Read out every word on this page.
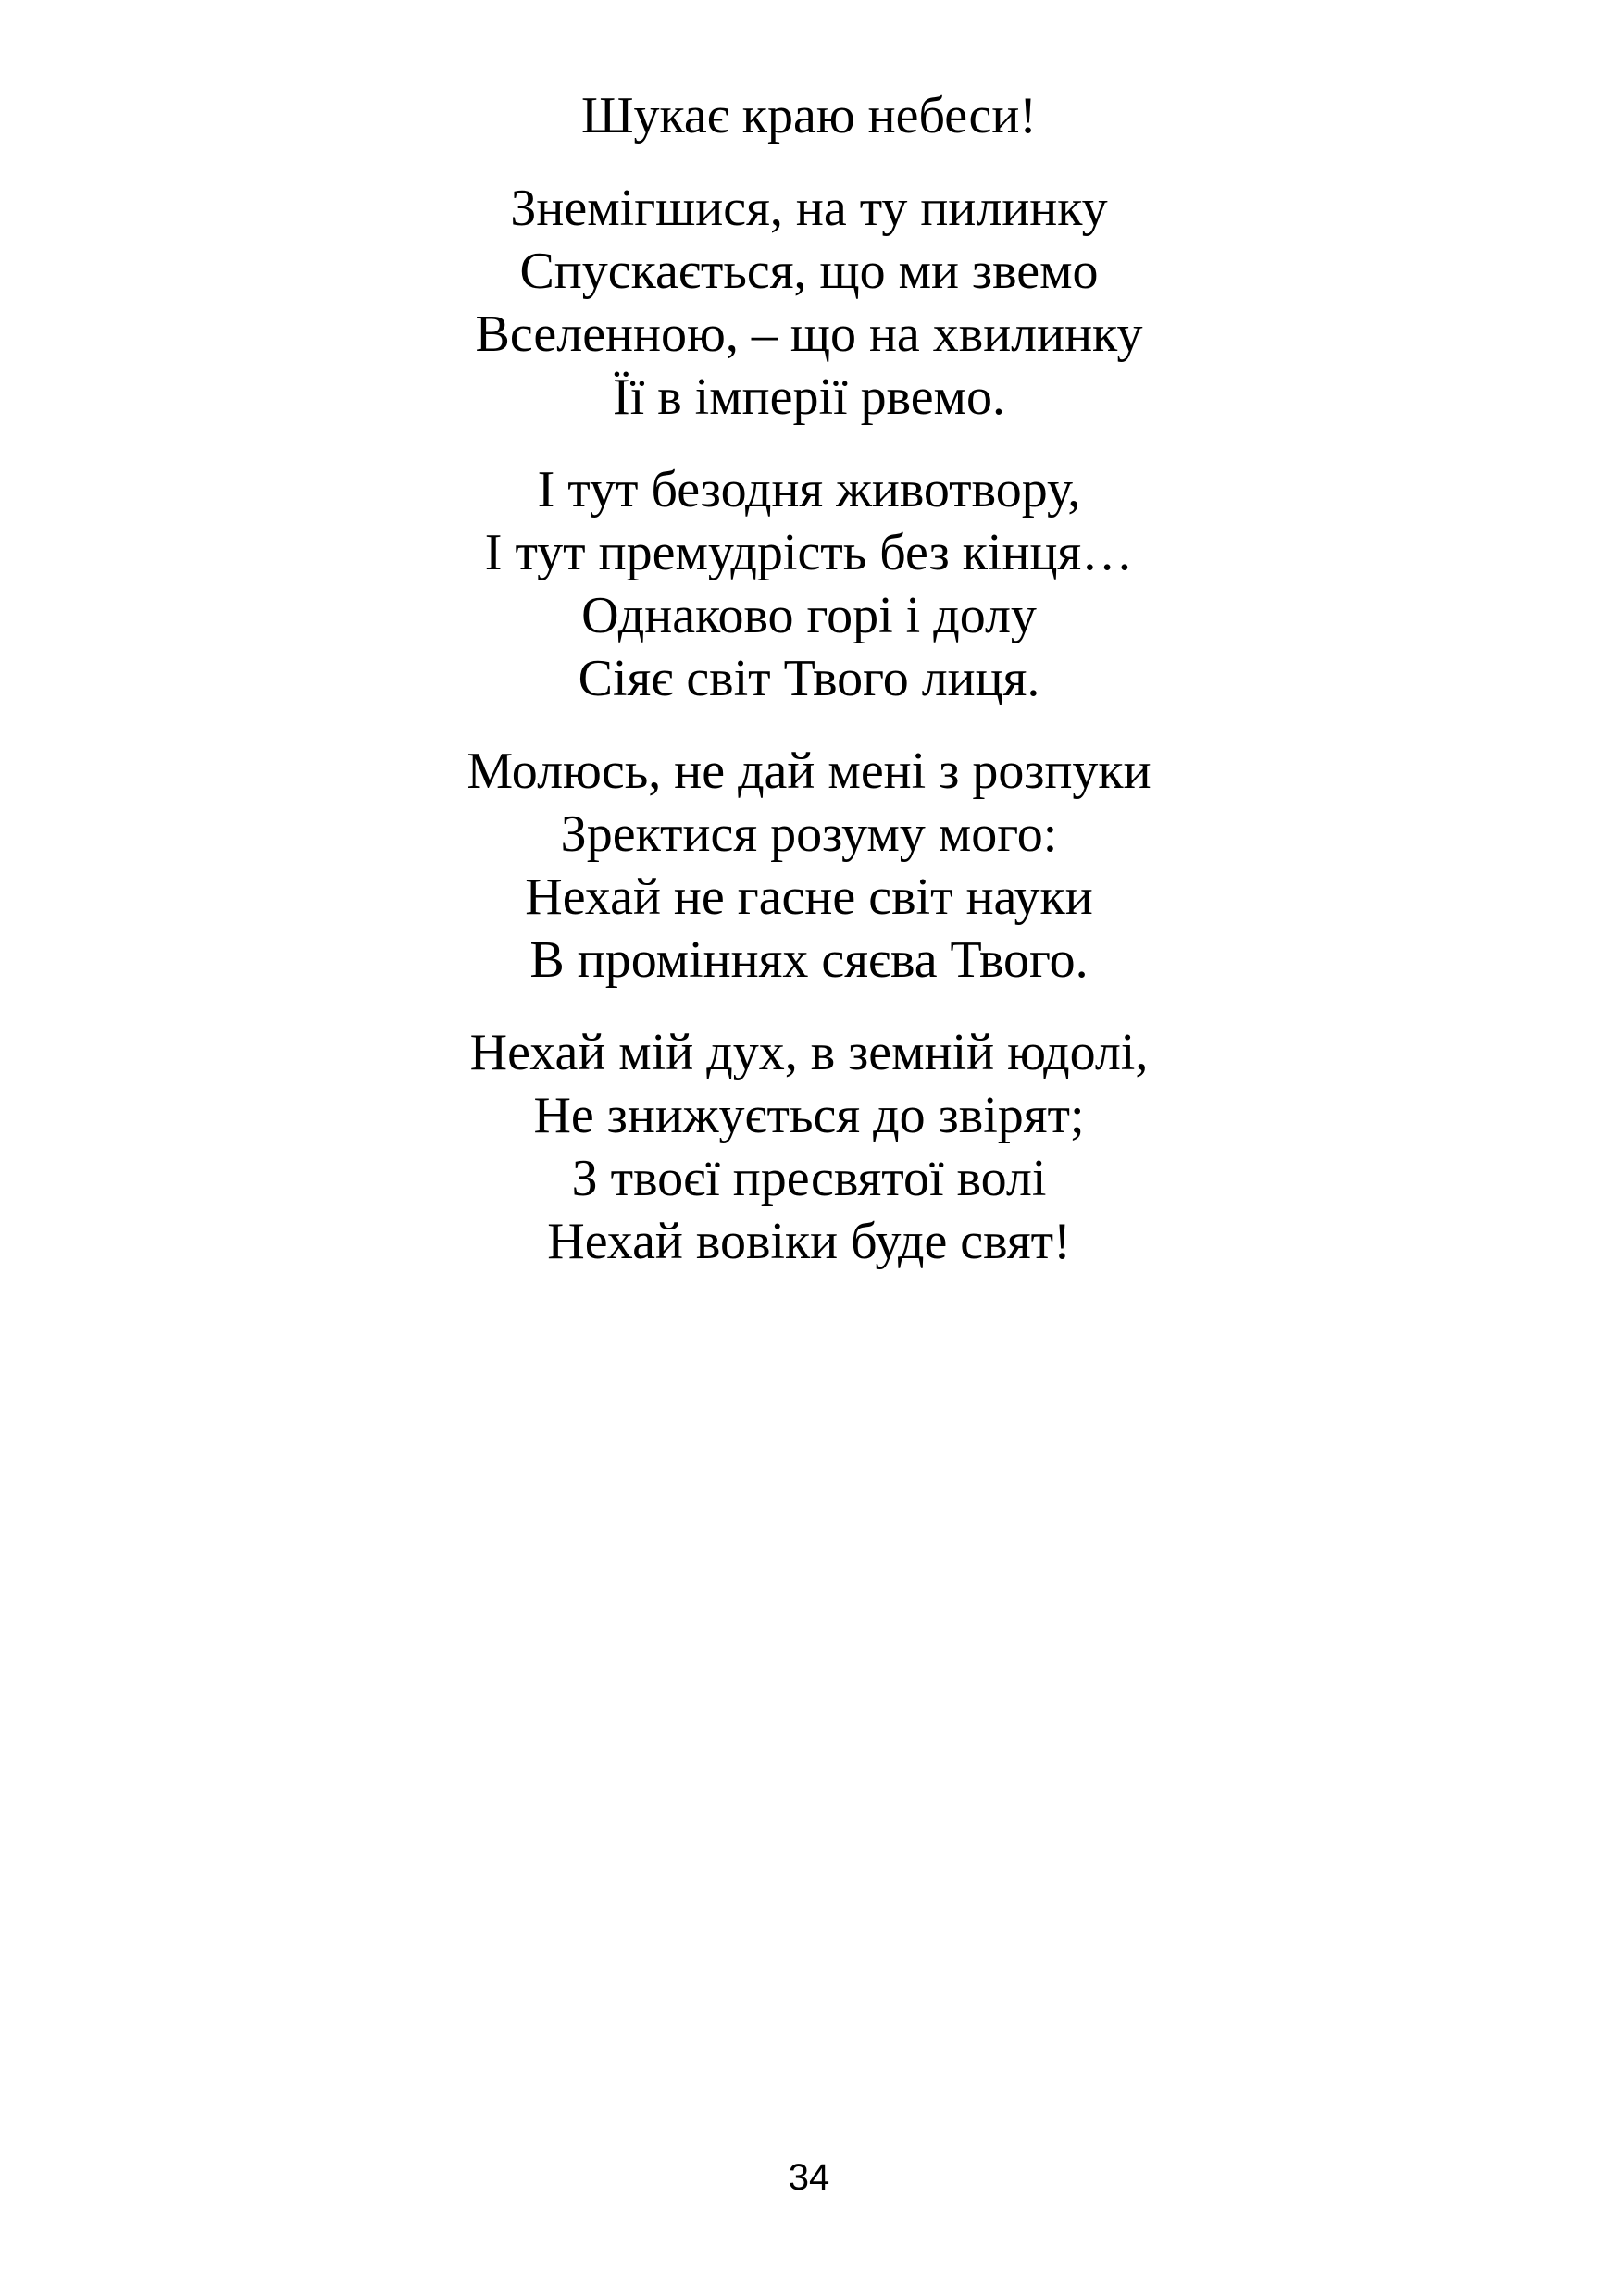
Шукає краю небеси!
Знемігшися, на ту пилинку
Спускається, що ми звемо
Вселенною, – що на хвилинку
Її в імперії рвемо.
І тут безодня животвору,
І тут премудрість без кінця…
Однаково горі і долу
Сіяє світ Твого лиця.
Молюсь, не дай мені з розпуки
Зректися розуму мого:
Нехай не гасне світ науки
В проміннях сяєва Твого.
Нехай мій дух, в земній юдолі,
Не знижується до звірят;
З твоєї пресвятої волі
Нехай вовіки буде свят!
34
